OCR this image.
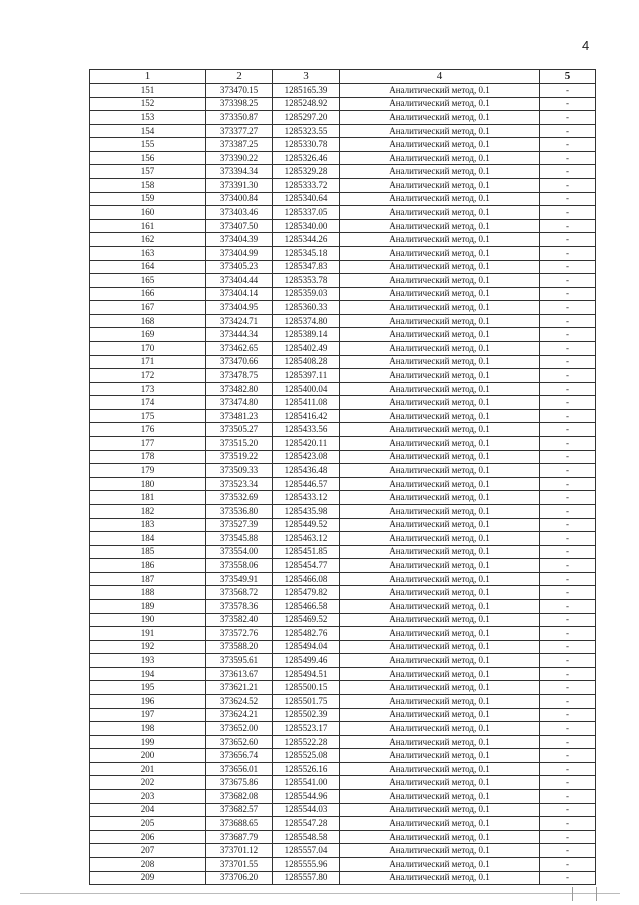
4
1	2	3	4	5
151	373470.15	1285165.39	Аналитический метод, 0.1	-
152	373398.25	1285248.92	Аналитический метод, 0.1	-
153	373350.87	1285297.20	Аналитический метод, 0.1	-
154	373377.27	1285323.55	Аналитический метод, 0.1	-
155	373387.25	1285330.78	Аналитический метод, 0.1	-
156	373390.22	1285326.46	Аналитический метод, 0.1	-
157	373394.34	1285329.28	Аналитический метод, 0.1	-
158	373391.30	1285333.72	Аналитический метод, 0.1	-
159	373400.84	1285340.64	Аналитический метод, 0.1	-
160	373403.46	1285337.05	Аналитический метод, 0.1	-
161	373407.50	1285340.00	Аналитический метод, 0.1	-
162	373404.39	1285344.26	Аналитический метод, 0.1	-
163	373404.99	1285345.18	Аналитический метод, 0.1	-
164	373405.23	1285347.83	Аналитический метод, 0.1	-
165	373404.44	1285353.78	Аналитический метод, 0.1	-
166	373404.14	1285359.03	Аналитический метод, 0.1	-
167	373404.95	1285360.33	Аналитический метод, 0.1	-
168	373424.71	1285374.80	Аналитический метод, 0.1	-
169	373444.34	1285389.14	Аналитический метод, 0.1	-
170	373462.65	1285402.49	Аналитический метод, 0.1	-
171	373470.66	1285408.28	Аналитический метод, 0.1	-
172	373478.75	1285397.11	Аналитический метод, 0.1	-
173	373482.80	1285400.04	Аналитический метод, 0.1	-
174	373474.80	1285411.08	Аналитический метод, 0.1	-
175	373481.23	1285416.42	Аналитический метод, 0.1	-
176	373505.27	1285433.56	Аналитический метод, 0.1	-
177	373515.20	1285420.11	Аналитический метод, 0.1	-
178	373519.22	1285423.08	Аналитический метод, 0.1	-
179	373509.33	1285436.48	Аналитический метод, 0.1	-
180	373523.34	1285446.57	Аналитический метод, 0.1	-
181	373532.69	1285433.12	Аналитический метод, 0.1	-
182	373536.80	1285435.98	Аналитический метод, 0.1	-
183	373527.39	1285449.52	Аналитический метод, 0.1	-
184	373545.88	1285463.12	Аналитический метод, 0.1	-
185	373554.00	1285451.85	Аналитический метод, 0.1	-
186	373558.06	1285454.77	Аналитический метод, 0.1	-
187	373549.91	1285466.08	Аналитический метод, 0.1	-
188	373568.72	1285479.82	Аналитический метод, 0.1	-
189	373578.36	1285466.58	Аналитический метод, 0.1	-
190	373582.40	1285469.52	Аналитический метод, 0.1	-
191	373572.76	1285482.76	Аналитический метод, 0.1	-
192	373588.20	1285494.04	Аналитический метод, 0.1	-
193	373595.61	1285499.46	Аналитический метод, 0.1	-
194	373613.67	1285494.51	Аналитический метод, 0.1	-
195	373621.21	1285500.15	Аналитический метод, 0.1	-
196	373624.52	1285501.75	Аналитический метод, 0.1	-
197	373624.21	1285502.39	Аналитический метод, 0.1	-
198	373652.00	1285523.17	Аналитический метод, 0.1	-
199	373652.60	1285522.28	Аналитический метод, 0.1	-
200	373656.74	1285525.08	Аналитический метод, 0.1	-
201	373656.01	1285526.16	Аналитический метод, 0.1	-
202	373675.86	1285541.00	Аналитический метод, 0.1	-
203	373682.08	1285544.96	Аналитический метод, 0.1	-
204	373682.57	1285544.03	Аналитический метод, 0.1	-
205	373688.65	1285547.28	Аналитический метод, 0.1	-
206	373687.79	1285548.58	Аналитический метод, 0.1	-
207	373701.12	1285557.04	Аналитический метод, 0.1	-
208	373701.55	1285555.96	Аналитический метод, 0.1	-
209	373706.20	1285557.80	Аналитический метод, 0.1	-
